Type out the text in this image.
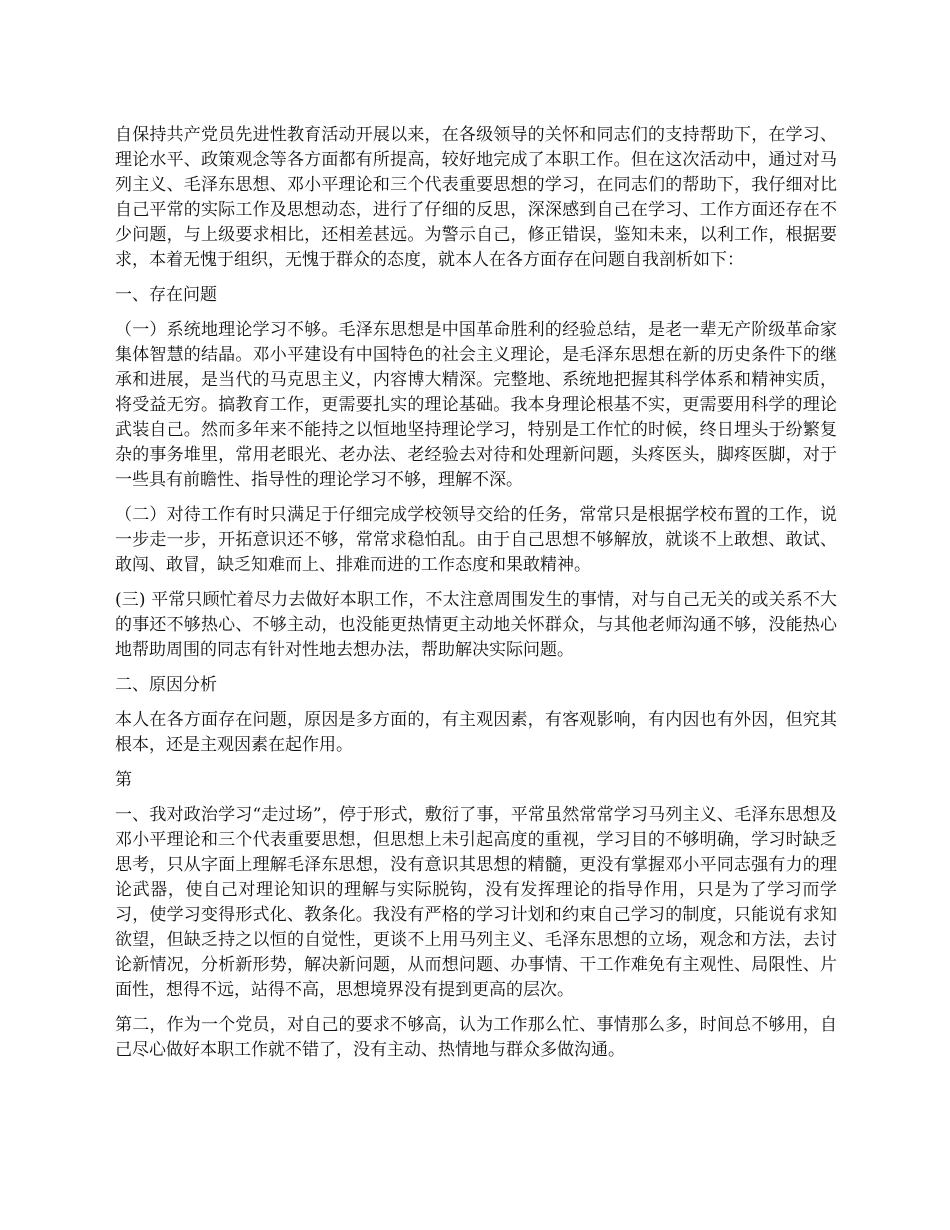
自保持共产党员先进性教育活动开展以来，在各级领导的关怀和同志们的支持帮助下，在学习、理论水平、政策观念等各方面都有所提高，较好地完成了本职工作。但在这次活动中，通过对马列主义、毛泽东思想、邓小平理论和三个代表重要思想的学习，在同志们的帮助下，我仔细对比自己平常的实际工作及思想动态，进行了仔细的反思，深深感到自己在学习、工作方面还存在不少问题，与上级要求相比，还相差甚远。为警示自己，修正错误，鉴知未来，以利工作，根据要求，本着无愧于组织，无愧于群众的态度，就本人在各方面存在问题自我剖析如下：

一、存在问题

（一）系统地理论学习不够。毛泽东思想是中国革命胜利的经验总结，是老一辈无产阶级革命家集体智慧的结晶。邓小平建设有中国特色的社会主义理论，是毛泽东思想在新的历史条件下的继承和进展，是当代的马克思主义，内容博大精深。完整地、系统地把握其科学体系和精神实质，将受益无穷。搞教育工作，更需要扎实的理论基础。我本身理论根基不实，更需要用科学的理论武装自己。然而多年来不能持之以恒地坚持理论学习，特别是工作忙的时候，终日埋头于纷繁复杂的事务堆里，常用老眼光、老办法、老经验去对待和处理新问题，头疼医头，脚疼医脚，对于一些具有前瞻性、指导性的理论学习不够，理解不深。

（二）对待工作有时只满足于仔细完成学校领导交给的任务，常常只是根据学校布置的工作，说一步走一步，开拓意识还不够，常常求稳怕乱。由于自己思想不够解放，就谈不上敢想、敢试、敢闯、敢冒，缺乏知难而上、排难而进的工作态度和果敢精神。

(三) 平常只顾忙着尽力去做好本职工作，不太注意周围发生的事情，对与自己无关的或关系不大的事还不够热心、不够主动，也没能更热情更主动地关怀群众，与其他老师沟通不够，没能热心地帮助周围的同志有针对性地去想办法，帮助解决实际问题。

二、原因分析

本人在各方面存在问题，原因是多方面的，有主观因素，有客观影响，有内因也有外因，但究其根本，还是主观因素在起作用。

第

一、我对政治学习“走过场”，停于形式，敷衍了事，平常虽然常常学习马列主义、毛泽东思想及邓小平理论和三个代表重要思想，但思想上未引起高度的重视，学习目的不够明确，学习时缺乏思考，只从字面上理解毛泽东思想，没有意识其思想的精髓，更没有掌握邓小平同志强有力的理论武器，使自己对理论知识的理解与实际脱钩，没有发挥理论的指导作用，只是为了学习而学习，使学习变得形式化、教条化。我没有严格的学习计划和约束自己学习的制度，只能说有求知欲望，但缺乏持之以恒的自觉性，更谈不上用马列主义、毛泽东思想的立场，观念和方法，去讨论新情况，分析新形势，解决新问题，从而想问题、办事情、干工作难免有主观性、局限性、片面性，想得不远，站得不高，思想境界没有提到更高的层次。

第二，作为一个党员，对自己的要求不够高，认为工作那么忙、事情那么多，时间总不够用，自己尽心做好本职工作就不错了，没有主动、热情地与群众多做沟通。
